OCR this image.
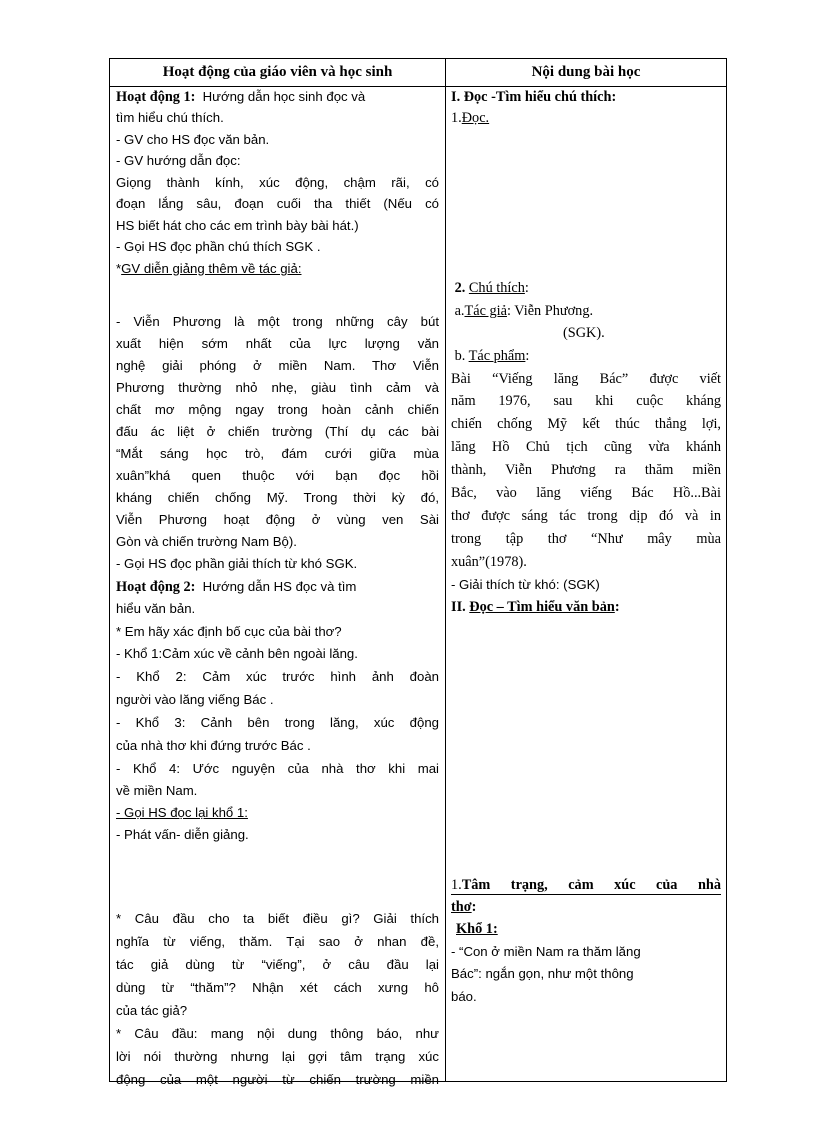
Hoạt động của giáo viên và học sinh	Nội dung bài học
Hoạt động 1: Hướng dẫn học sinh đọc và
tìm hiểu chú thích.
- GV cho HS đọc văn bản.
- GV hướng dẫn đọc:
Giọng thành kính, xúc động, chậm rãi, có
đoạn lắng sâu, đoạn cuối tha thiết (Nếu có
HS biết hát cho các em trình bày bài hát.)
- Gọi HS đọc phần chú thích SGK .
*GV diễn giảng thêm về tác giả:
- Viễn Phương là một trong những cây bút
xuất hiện sớm nhất của lực lượng văn
nghệ giải phóng ở miền Nam. Thơ Viễn
Phương thường nhỏ nhẹ, giàu tình cảm và
chất mơ mộng ngay trong hoàn cảnh chiến
đấu ác liệt ở chiến trường (Thí dụ các bài
“Mắt sáng học trò, đám cưới giữa mùa
xuân”khá quen thuộc với bạn đọc hồi
kháng chiến chống Mỹ. Trong thời kỳ đó,
Viễn Phương hoạt động ở vùng ven Sài
Gòn và chiến trường Nam Bộ).
- Gọi HS đọc phần giải thích từ khó SGK.
Hoạt động 2: Hướng dẫn HS đọc và tìm
hiểu văn bản.
* Em hãy xác định bố cục của bài thơ?
- Khổ 1:Cảm xúc về cảnh bên ngoài lăng.
- Khổ 2: Cảm xúc trước hình ảnh đoàn
người vào lăng viếng Bác .
- Khổ 3: Cảnh bên trong lăng, xúc động
của nhà thơ khi đứng trước Bác .
- Khổ 4: Ước nguyện của nhà thơ khi mai
về miền Nam.
- Gọi HS đọc lại khổ 1:
- Phát vấn- diễn giảng.
* Câu đầu cho ta biết điều gì? Giải thích
nghĩa từ viếng, thăm. Tại sao ở nhan đề,
tác giả dùng từ “viếng”, ở câu đầu lại
dùng từ “thăm”? Nhận xét cách xưng hô
của tác giả?
* Câu đầu: mang nội dung thông báo, như
lời nói thường nhưng lại gợi tâm trạng xúc
động của một người từ chiến trường miền
I. Đọc -Tìm hiểu chú thích:
1.Đọc.
2. Chú thích:
a.Tác giả: Viễn Phương.
(SGK).
b. Tác phẩm:
Bài “Viếng lăng Bác” được viết
năm 1976, sau khi cuộc kháng
chiến chống Mỹ kết thúc thắng lợi,
lăng Hồ Chủ tịch cũng vừa khánh
thành, Viễn Phương ra thăm miền
Bắc, vào lăng viếng Bác Hồ...Bài
thơ được sáng tác trong dịp đó và in
trong tập thơ “Như mây mùa
xuân”(1978).
- Giải thích từ khó: (SGK)
II. Đọc – Tìm hiểu văn bản:
1.Tâm trạng, cảm xúc của nhà
thơ:
Khổ 1:
- “Con ở miền Nam ra thăm lăng
Bác”: ngắn gọn, như một thông
báo.
